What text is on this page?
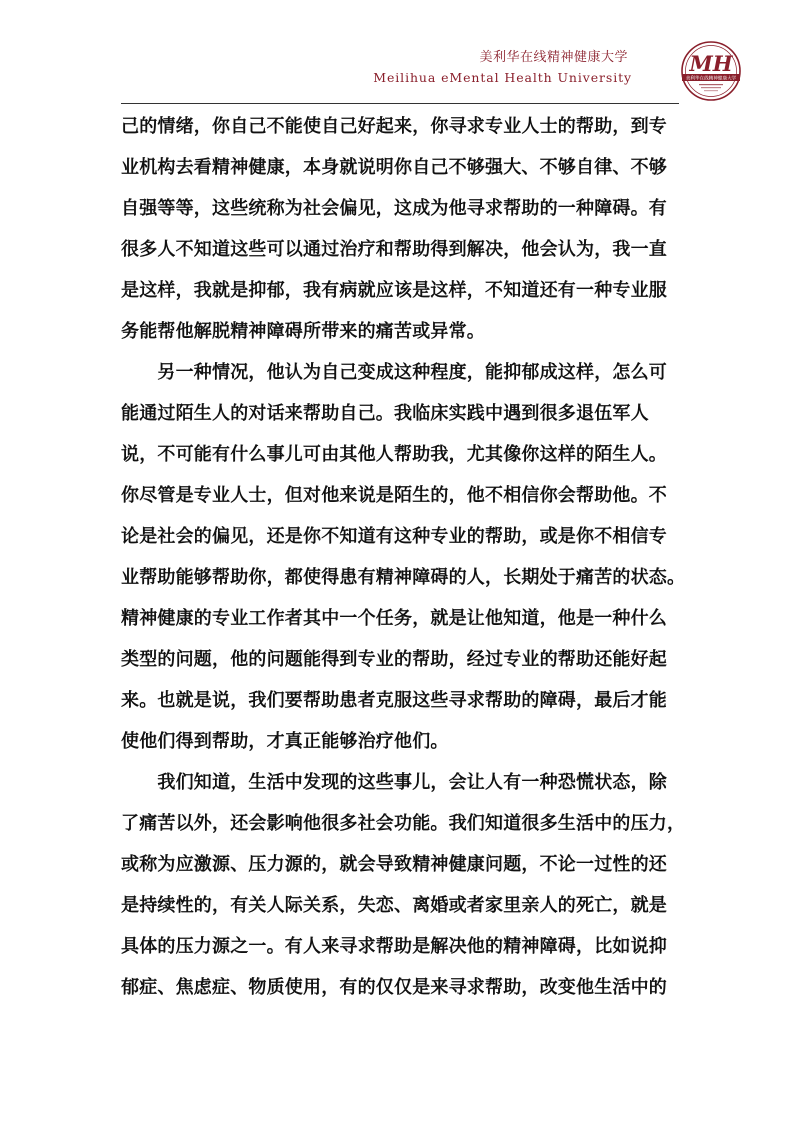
美利华在线精神健康大学
Meilihua eMental Health University
MH
美利华在线精神健康大学

己的情绪，你自己不能使自己好起来，你寻求专业人士的帮助，到专
业机构去看精神健康，本身就说明你自己不够强大、不够自律、不够
自强等等，这些统称为社会偏见，这成为他寻求帮助的一种障碍。有
很多人不知道这些可以通过治疗和帮助得到解决，他会认为，我一直
是这样，我就是抑郁，我有病就应该是这样，不知道还有一种专业服
务能帮他解脱精神障碍所带来的痛苦或异常。

　　另一种情况，他认为自己变成这种程度，能抑郁成这样，怎么可
能通过陌生人的对话来帮助自己。我临床实践中遇到很多退伍军人
说，不可能有什么事儿可由其他人帮助我，尤其像你这样的陌生人。
你尽管是专业人士，但对他来说是陌生的，他不相信你会帮助他。不
论是社会的偏见，还是你不知道有这种专业的帮助，或是你不相信专
业帮助能够帮助你，都使得患有精神障碍的人，长期处于痛苦的状态。
精神健康的专业工作者其中一个任务，就是让他知道，他是一种什么
类型的问题，他的问题能得到专业的帮助，经过专业的帮助还能好起
来。也就是说，我们要帮助患者克服这些寻求帮助的障碍，最后才能
使他们得到帮助，才真正能够治疗他们。

　　我们知道，生活中发现的这些事儿，会让人有一种恐慌状态，除
了痛苦以外，还会影响他很多社会功能。我们知道很多生活中的压力，
或称为应激源、压力源的，就会导致精神健康问题，不论一过性的还
是持续性的，有关人际关系，失恋、离婚或者家里亲人的死亡，就是
具体的压力源之一。有人来寻求帮助是解决他的精神障碍，比如说抑
郁症、焦虑症、物质使用，有的仅仅是来寻求帮助，改变他生活中的
